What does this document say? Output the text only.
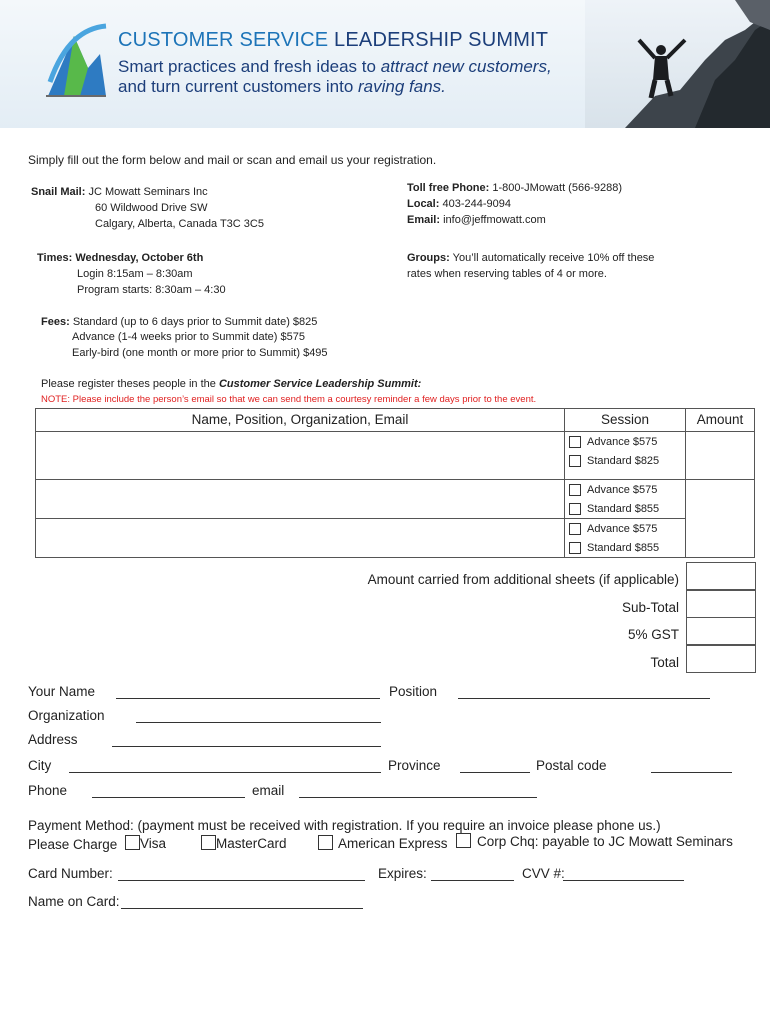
CUSTOMER SERVICE LEADERSHIP SUMMIT
Smart practices and fresh ideas to attract new customers,
and turn current customers into raving fans.
Simply fill out the form below and mail or scan and email us your registration.
Snail Mail: JC Mowatt Seminars Inc
60 Wildwood Drive SW
Calgary, Alberta, Canada T3C 3C5
Toll free Phone: 1-800-JMowatt (566-9288)
Local: 403-244-9094
Email: info@jeffmowatt.com
Times: Wednesday, October 6th
Login 8:15am – 8:30am
Program starts: 8:30am – 4:30
Groups: You’ll automatically receive 10% off these
rates when reserving tables of 4 or more.
Fees: Standard (up to 6 days prior to Summit date) $825
Advance (1-4 weeks prior to Summit date) $575
Early-bird (one month or more prior to Summit) $495
Please register theses people in the Customer Service Leadership Summit:
NOTE: Please include the person’s email so that we can send them a courtesy reminder a few days prior to the event.
Name, Position, Organization, Email	Session	Amount

	Advance $575
Standard $825	

	Advance $575
Standard $855	

	Advance $575
Standard $855	
Amount carried from additional sheets (if applicable)
Sub-Total
5% GST
Total
Your Name	Position
Organization
Address
City	Province	Postal code
Phone	email
Payment Method: (payment must be received with registration. If you require an invoice please phone us.)
Please Charge	Visa	MasterCard	American Express	Corp Chq: payable to JC Mowatt Seminars
Card Number:	Expires:	CVV #:
Name on Card:
